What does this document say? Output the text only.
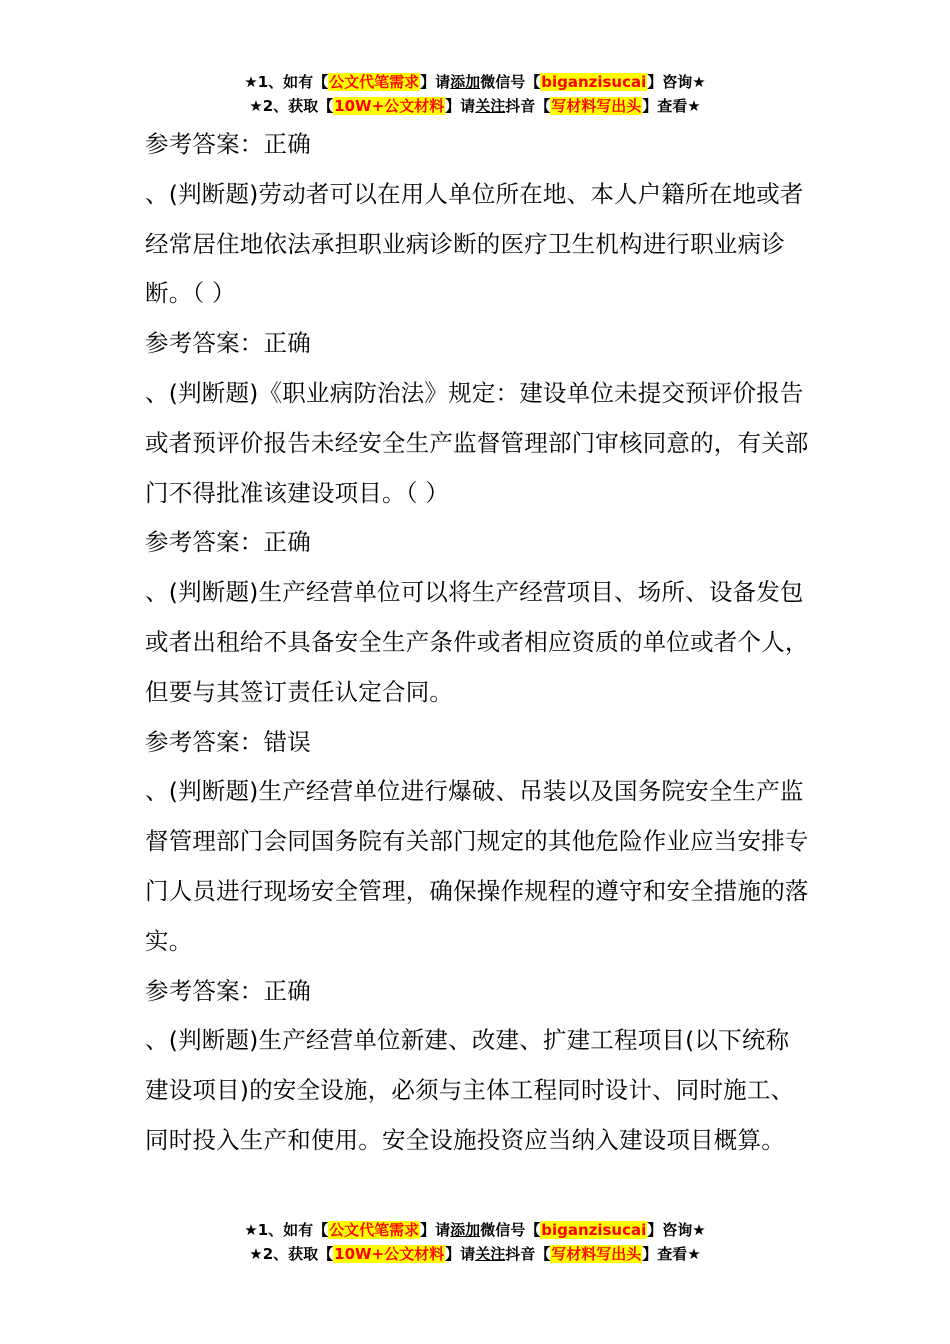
★1、如有【公文代笔需求】请添加微信号【biganzisucai】咨询★
★2、获取【10W+公文材料】请关注抖音【写材料写出头】查看★

参考答案：正确

、(判断题)劳动者可以在用人单位所在地、本人户籍所在地或者经常居住地依法承担职业病诊断的医疗卫生机构进行职业病诊断。（ ）

参考答案：正确

、(判断题)《职业病防治法》规定：建设单位未提交预评价报告或者预评价报告未经安全生产监督管理部门审核同意的，有关部门不得批准该建设项目。（ ）

参考答案：正确

、(判断题)生产经营单位可以将生产经营项目、场所、设备发包或者出租给不具备安全生产条件或者相应资质的单位或者个人，但要与其签订责任认定合同。

参考答案：错误

、(判断题)生产经营单位进行爆破、吊装以及国务院安全生产监督管理部门会同国务院有关部门规定的其他危险作业应当安排专门人员进行现场安全管理，确保操作规程的遵守和安全措施的落实。

参考答案：正确

、(判断题)生产经营单位新建、改建、扩建工程项目(以下统称建设项目)的安全设施，必须与主体工程同时设计、同时施工、同时投入生产和使用。安全设施投资应当纳入建设项目概算。

★1、如有【公文代笔需求】请添加微信号【biganzisucai】咨询★
★2、获取【10W+公文材料】请关注抖音【写材料写出头】查看★
